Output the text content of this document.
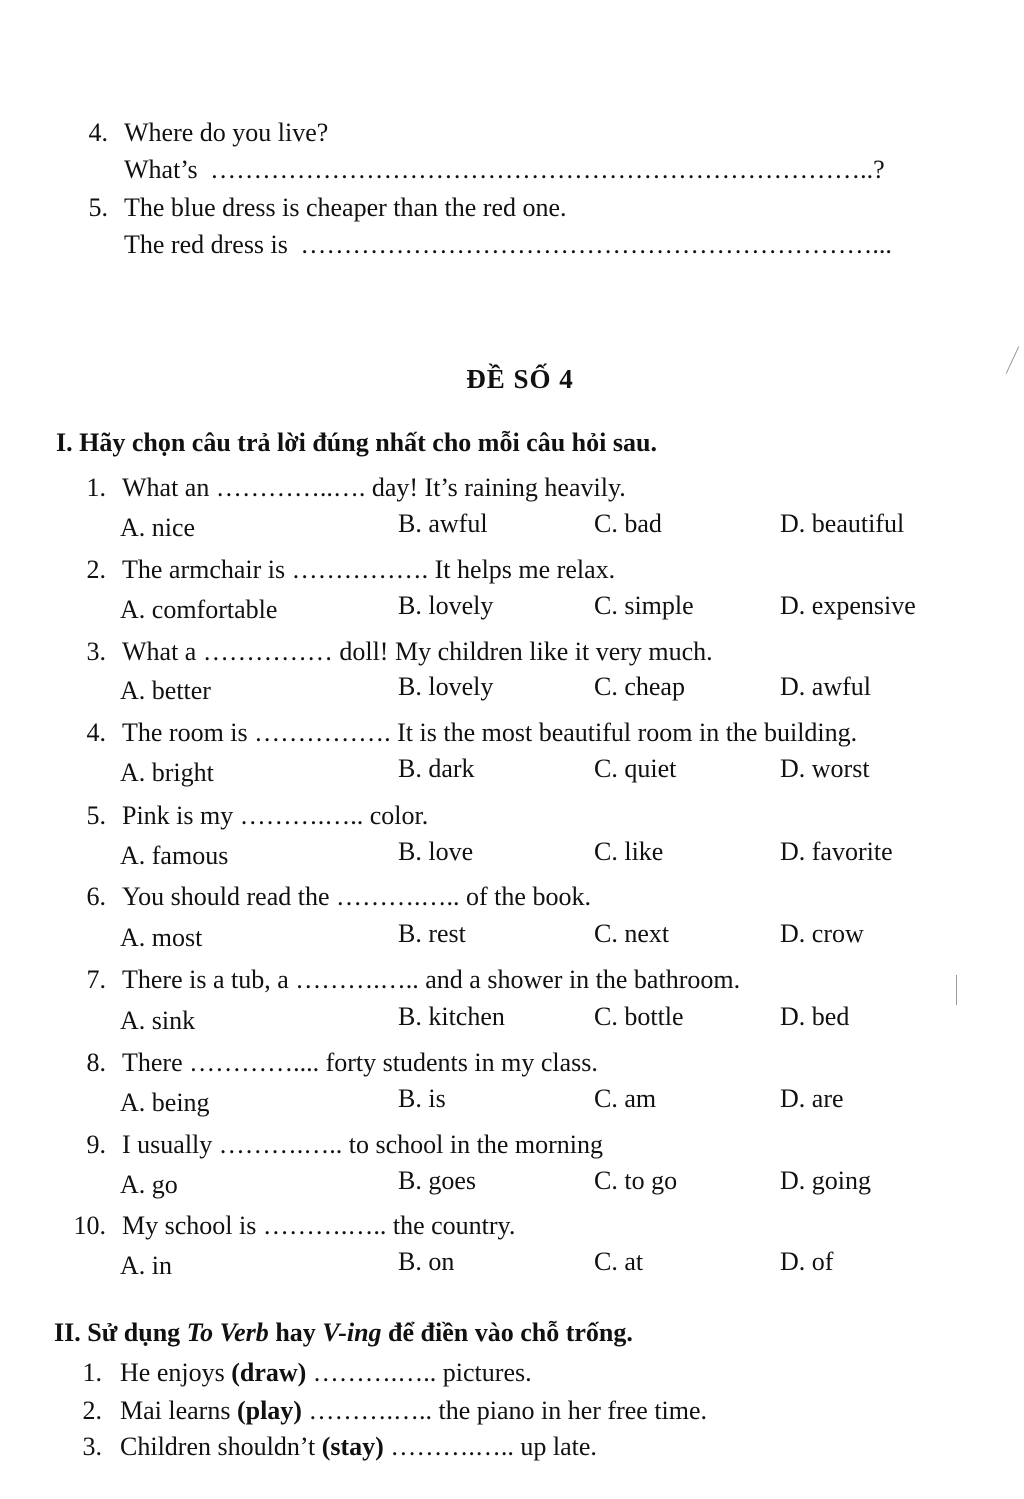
4. Where do you live?
What’s …………………………………………………………………..?
5. The blue dress is cheaper than the red one.
The red dress is …………………………………………………………...
ĐỀ SỐ 4
I. Hãy chọn câu trả lời đúng nhất cho mỗi câu hỏi sau.
1. What an …………..…. day! It’s raining heavily.
A. nice	B. awful	C. bad	D. beautiful
2. The armchair is ……………. It helps me relax.
A. comfortable	B. lovely	C. simple	D. expensive
3. What a …………… doll! My children like it very much.
A. better	B. lovely	C. cheap	D. awful
4. The room is ……………. It is the most beautiful room in the building.
A. bright	B. dark	C. quiet	D. worst
5. Pink is my ……….….. color.
A. famous	B. love	C. like	D. favorite
6. You should read the ……….….. of the book.
A. most	B. rest	C. next	D. crow
7. There is a tub, a ……….….. and a shower in the bathroom.
A. sink	B. kitchen	C. bottle	D. bed
8. There ………….... forty students in my class.
A. being	B. is	C. am	D. are
9. I usually ……….….. to school in the morning
A. go	B. goes	C. to go	D. going
10. My school is ……….….. the country.
A. in	B. on	C. at	D. of
II. Sử dụng To Verb hay V-ing để điền vào chỗ trống.
1. He enjoys (draw) ……….….. pictures.
2. Mai learns (play) ……….….. the piano in her free time.
3. Children shouldn’t (stay) ……….….. up late.
